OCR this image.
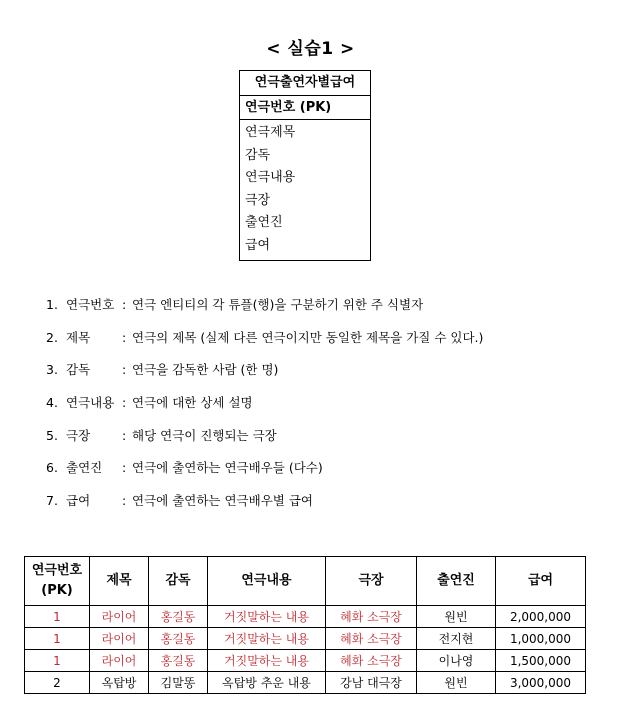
< 실습1 >
연극출연자별급여
연극번호 (PK)
연극제목
감독
연극내용
극장
출연진
급여
1. 연극번호 : 연극 엔티티의 각 튜플(행)을 구분하기 위한 주 식별자
2. 제목	: 연극의 제목 (실제 다른 연극이지만 동일한 제목을 가질 수 있다.)
3. 감독	: 연극을 감독한 사람 (한 명)
4. 연극내용 : 연극에 대한 상세 설명
5. 극장	: 해당 연극이 진행되는 극장
6. 출연진	: 연극에 출연하는 연극배우들 (다수)
7. 급여	: 연극에 출연하는 연극배우별 급여
연극번호
(PK)	제목	감독	연극내용	극장	출연진	급여
1	라이어	홍길동	거짓말하는 내용	혜화 소극장	원빈	2,000,000
1	라이어	홍길동	거짓말하는 내용	혜화 소극장	전지현	1,000,000
1	라이어	홍길동	거짓말하는 내용	혜화 소극장	이나영	1,500,000
2	옥탑방	김말똥	옥탑방 추운 내용	강남 대극장	원빈	3,000,000
